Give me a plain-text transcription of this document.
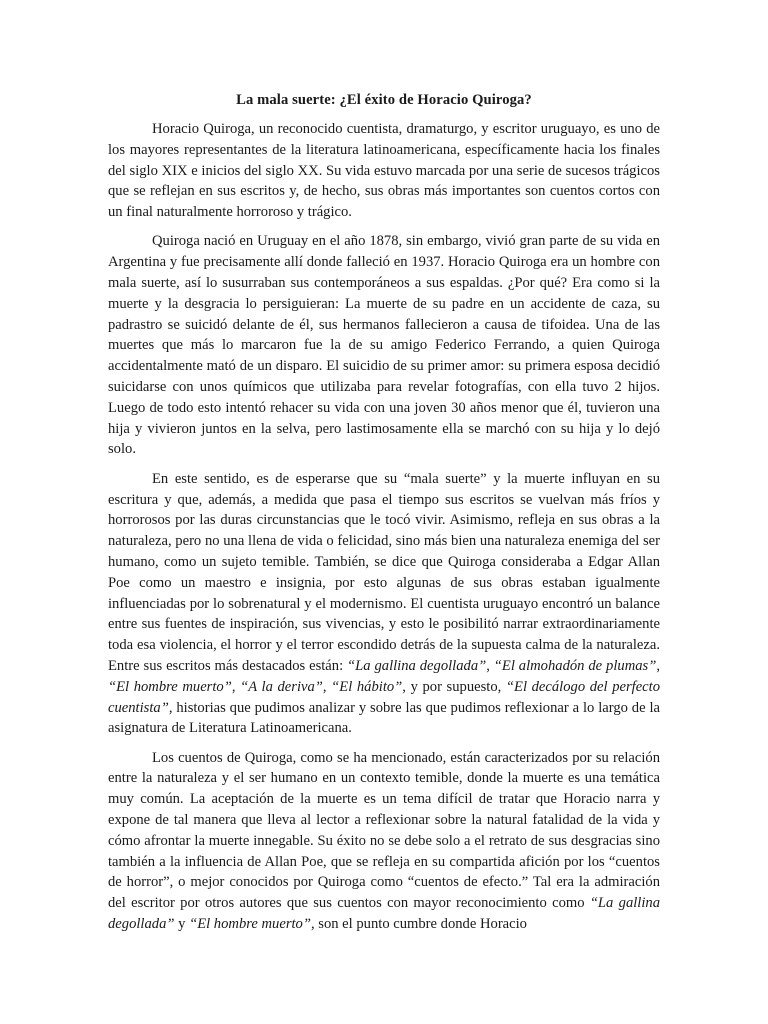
La mala suerte: ¿El éxito de Horacio Quiroga?

Horacio Quiroga, un reconocido cuentista, dramaturgo, y escritor uruguayo, es uno de los mayores representantes de la literatura latinoamericana, específicamente hacia los finales del siglo XIX e inicios del siglo XX. Su vida estuvo marcada por una serie de sucesos trágicos que se reflejan en sus escritos y, de hecho, sus obras más importantes son cuentos cortos con un final naturalmente horroroso y trágico.

Quiroga nació en Uruguay en el año 1878, sin embargo, vivió gran parte de su vida en Argentina y fue precisamente allí donde falleció en 1937. Horacio Quiroga era un hombre con mala suerte, así lo susurraban sus contemporáneos a sus espaldas. ¿Por qué? Era como si la muerte y la desgracia lo persiguieran: La muerte de su padre en un accidente de caza, su padrastro se suicidó delante de él, sus hermanos fallecieron a causa de tifoidea. Una de las muertes que más lo marcaron fue la de su amigo Federico Ferrando, a quien Quiroga accidentalmente mató de un disparo. El suicidio de su primer amor: su primera esposa decidió suicidarse con unos químicos que utilizaba para revelar fotografías, con ella tuvo 2 hijos. Luego de todo esto intentó rehacer su vida con una joven 30 años menor que él, tuvieron una hija y vivieron juntos en la selva, pero lastimosamente ella se marchó con su hija y lo dejó solo.

En este sentido, es de esperarse que su “mala suerte” y la muerte influyan en su escritura y que, además, a medida que pasa el tiempo sus escritos se vuelvan más fríos y horrorosos por las duras circunstancias que le tocó vivir. Asimismo, refleja en sus obras a la naturaleza, pero no una llena de vida o felicidad, sino más bien una naturaleza enemiga del ser humano, como un sujeto temible. También, se dice que Quiroga consideraba a Edgar Allan Poe como un maestro e insignia, por esto algunas de sus obras estaban igualmente influenciadas por lo sobrenatural y el modernismo. El cuentista uruguayo encontró un balance entre sus fuentes de inspiración, sus vivencias, y esto le posibilitó narrar extraordinariamente toda esa violencia, el horror y el terror escondido detrás de la supuesta calma de la naturaleza. Entre sus escritos más destacados están: “La gallina degollada”, “El almohadón de plumas”, “El hombre muerto”, “A la deriva”, “El hábito”, y por supuesto, “El decálogo del perfecto cuentista”, historias que pudimos analizar y sobre las que pudimos reflexionar a lo largo de la asignatura de Literatura Latinoamericana.

Los cuentos de Quiroga, como se ha mencionado, están caracterizados por su relación entre la naturaleza y el ser humano en un contexto temible, donde la muerte es una temática muy común. La aceptación de la muerte es un tema difícil de tratar que Horacio narra y expone de tal manera que lleva al lector a reflexionar sobre la natural fatalidad de la vida y cómo afrontar la muerte innegable. Su éxito no se debe solo a el retrato de sus desgracias sino también a la influencia de Allan Poe, que se refleja en su compartida afición por los “cuentos de horror”, o mejor conocidos por Quiroga como “cuentos de efecto.” Tal era la admiración del escritor por otros autores que sus cuentos con mayor reconocimiento como “La gallina degollada” y “El hombre muerto”, son el punto cumbre donde Horacio
